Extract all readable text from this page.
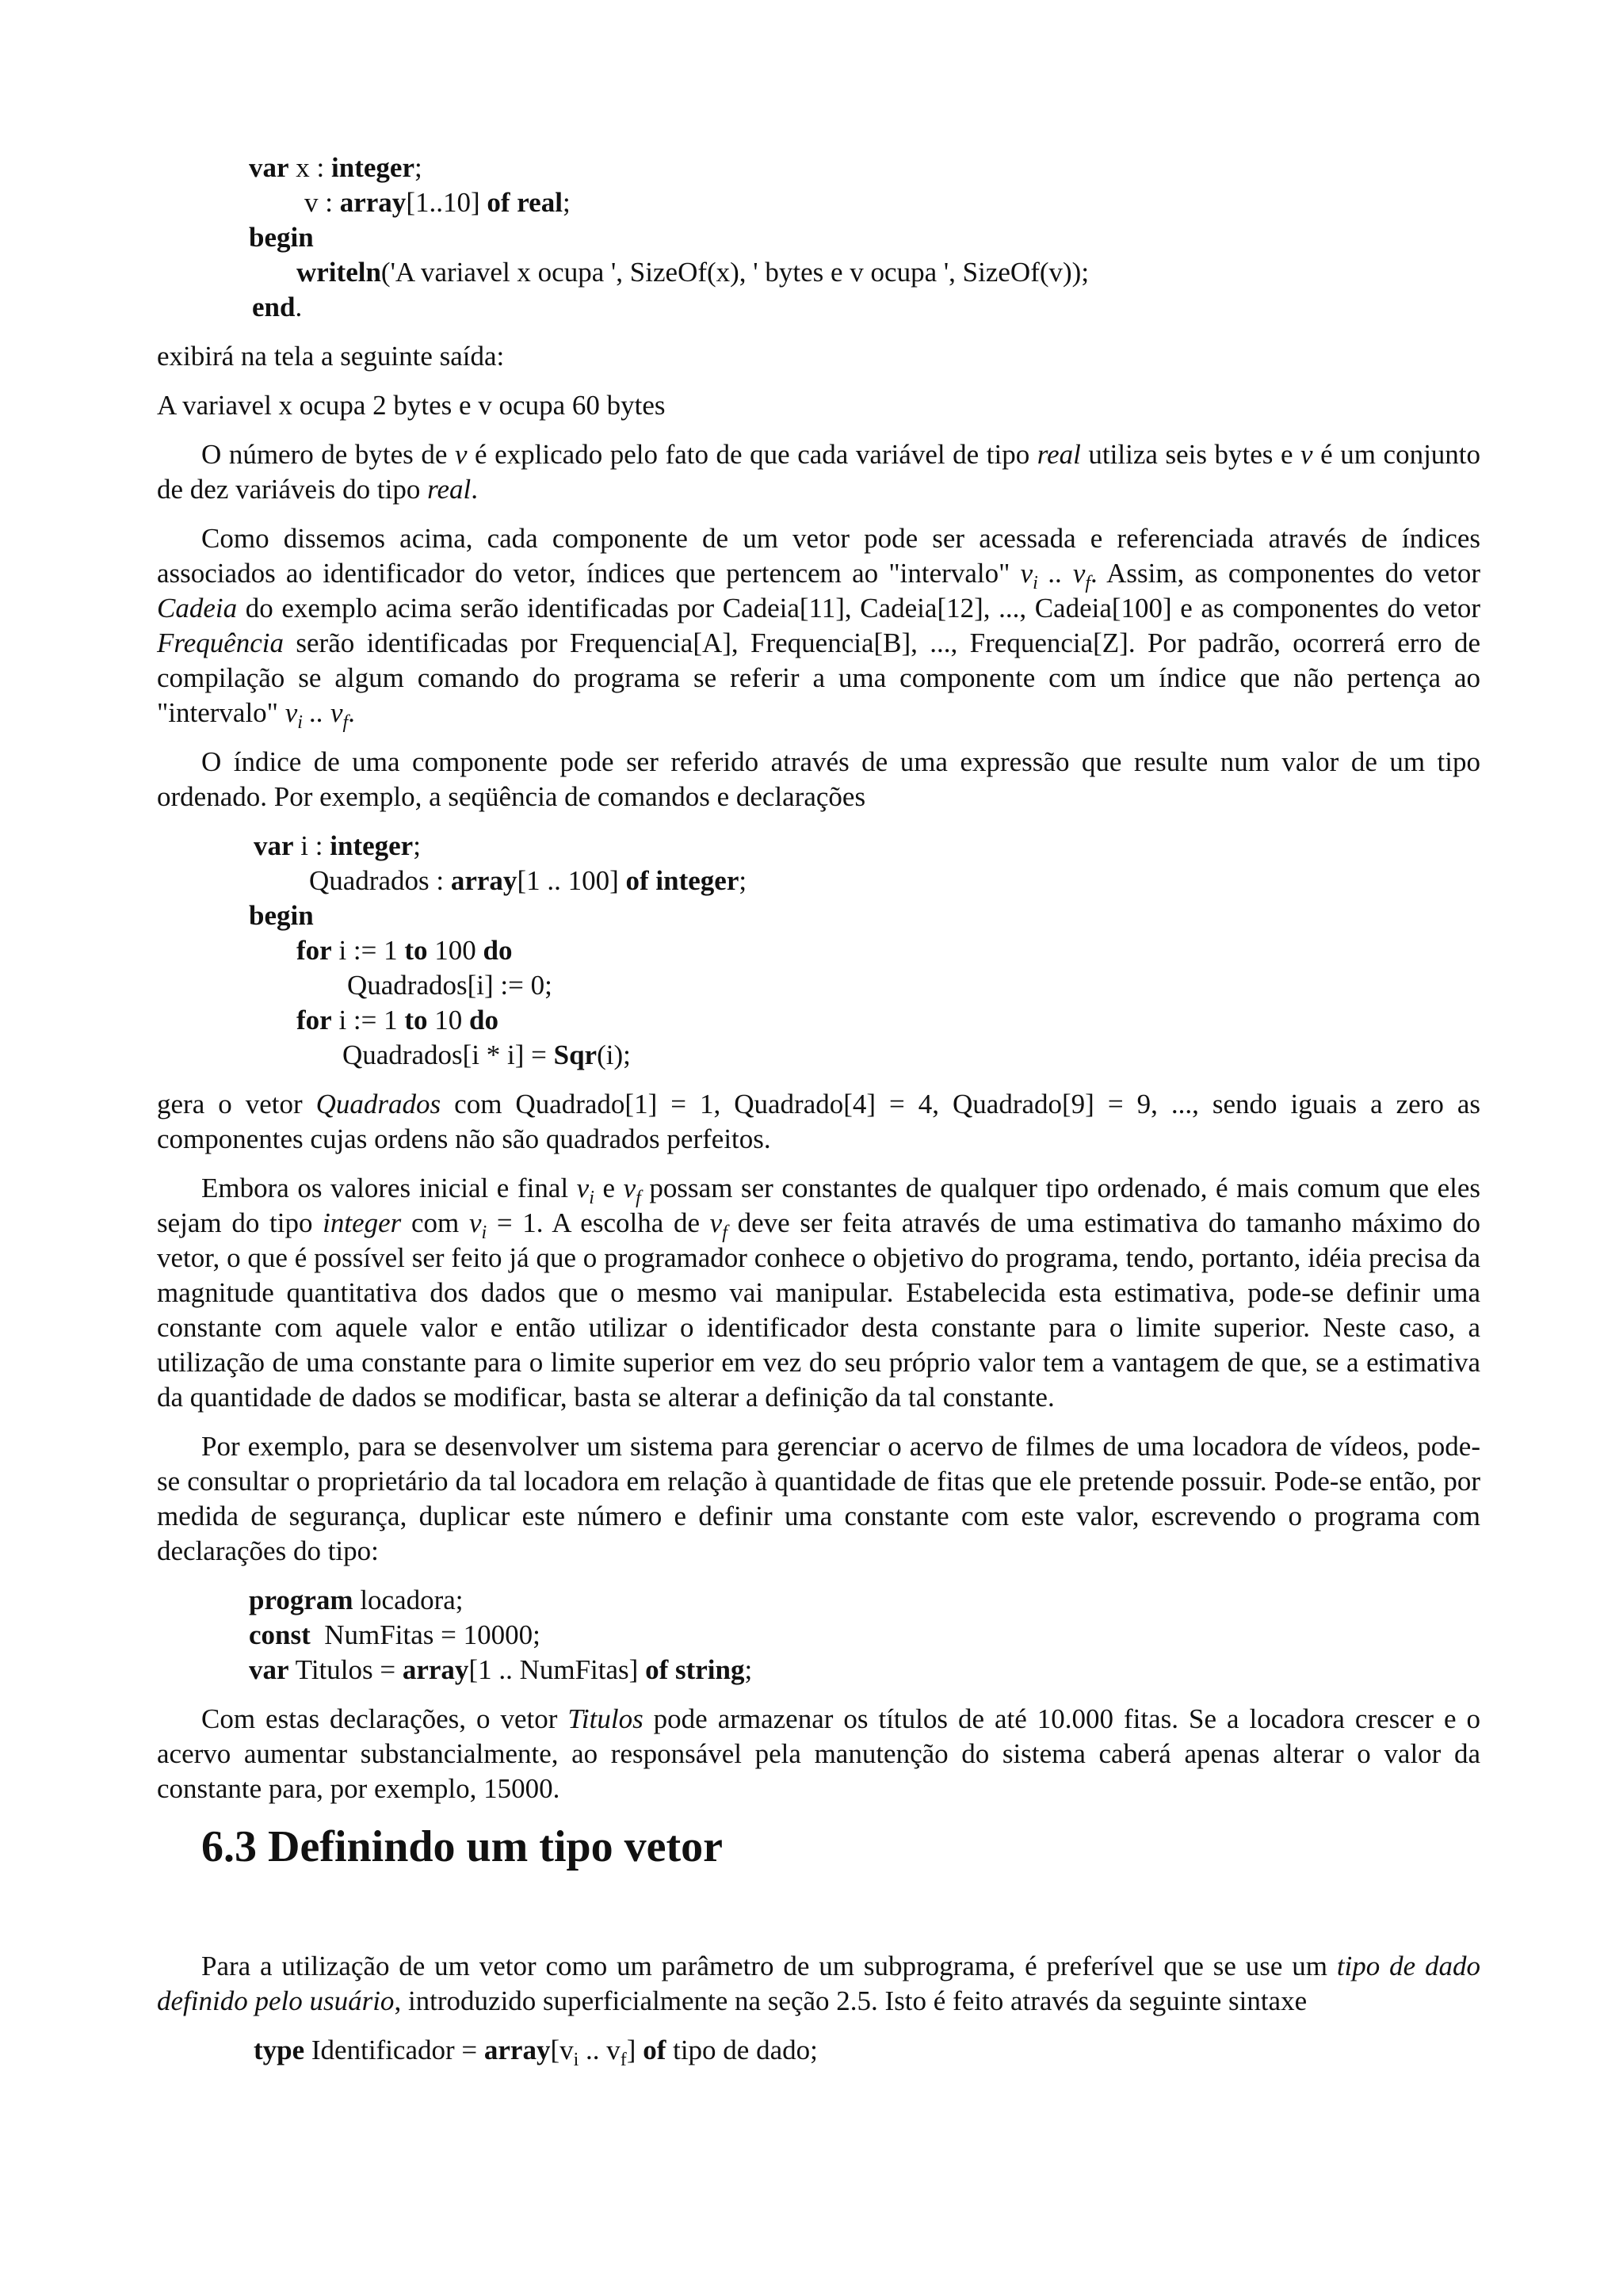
var x : integer;
v : array[1..10] of real;
begin
writeln('A variavel x ocupa ', SizeOf(x), ' bytes e v ocupa ', SizeOf(v));
end.

exibirá na tela a seguinte saída:

A variavel x ocupa 2 bytes e v ocupa 60 bytes

O número de bytes de v é explicado pelo fato de que cada variável de tipo real utiliza seis bytes e v é um conjunto de dez variáveis do tipo real.

Como dissemos acima, cada componente de um vetor pode ser acessada e referenciada através de índices associados ao identificador do vetor, índices que pertencem ao "intervalo" $v_i$ .. $v_f$. Assim, as componentes do vetor Cadeia do exemplo acima serão identificadas por Cadeia[11], Cadeia[12], ..., Cadeia[100] e as componentes do vetor Frequência serão identificadas por Frequencia[A], Frequencia[B], ..., Frequencia[Z]. Por padrão, ocorrerá erro de compilação se algum comando do programa se referir a uma componente com um índice que não pertença ao "intervalo" $v_i$ .. $v_f$.

O índice de uma componente pode ser referido através de uma expressão que resulte num valor de um tipo ordenado. Por exemplo, a seqüência de comandos e declarações

var i : integer;
Quadrados : array[1 .. 100] of integer;
begin
for i := 1 to 100 do
Quadrados[i] := 0;
for i := 1 to 10 do
Quadrados[i * i] = Sqr(i);

gera o vetor Quadrados com Quadrado[1] = 1, Quadrado[4] = 4, Quadrado[9] = 9, ..., sendo iguais a zero as componentes cujas ordens não são quadrados perfeitos.

Embora os valores inicial e final $v_i$ e $v_f$ possam ser constantes de qualquer tipo ordenado, é mais comum que eles sejam do tipo integer com $v_i = 1$. A escolha de $v_f$ deve ser feita através de uma estimativa do tamanho máximo do vetor, o que é possível ser feito já que o programador conhece o objetivo do programa, tendo, portanto, idéia precisa da magnitude quantitativa dos dados que o mesmo vai manipular. Estabelecida esta estimativa, pode-se definir uma constante com aquele valor e então utilizar o identificador desta constante para o limite superior. Neste caso, a utilização de uma constante para o limite superior em vez do seu próprio valor tem a vantagem de que, se a estimativa da quantidade de dados se modificar, basta se alterar a definição da tal constante.

Por exemplo, para se desenvolver um sistema para gerenciar o acervo de filmes de uma locadora de vídeos, pode-se consultar o proprietário da tal locadora em relação à quantidade de fitas que ele pretende possuir. Pode-se então, por medida de segurança, duplicar este número e definir uma constante com este valor, escrevendo o programa com declarações do tipo:

program locadora;
const  NumFitas = 10000;
var Titulos = array[1 .. NumFitas] of string;

Com estas declarações, o vetor Titulos pode armazenar os títulos de até 10.000 fitas. Se a locadora crescer e o acervo aumentar substancialmente, ao responsável pela manutenção do sistema caberá apenas alterar o valor da constante para, por exemplo, 15000.

6.3 Definindo um tipo vetor

Para a utilização de um vetor como um parâmetro de um subprograma, é preferível que se use um tipo de dado definido pelo usuário, introduzido superficialmente na seção 2.5. Isto é feito através da seguinte sintaxe

type Identificador = $array[v_i$ .. $v_f$] of tipo de dado;
